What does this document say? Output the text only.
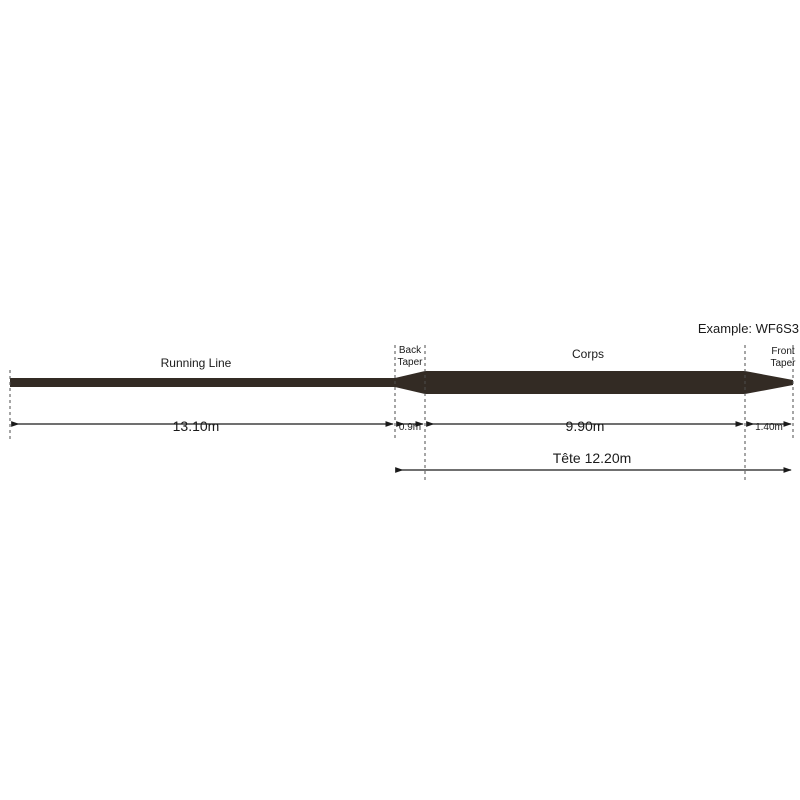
Running Line
Back
Taper
Corps	Front
Taper
Example: WF6S3
13.10m	0.9m	9.90m	1.40m
Tête 12.20m
